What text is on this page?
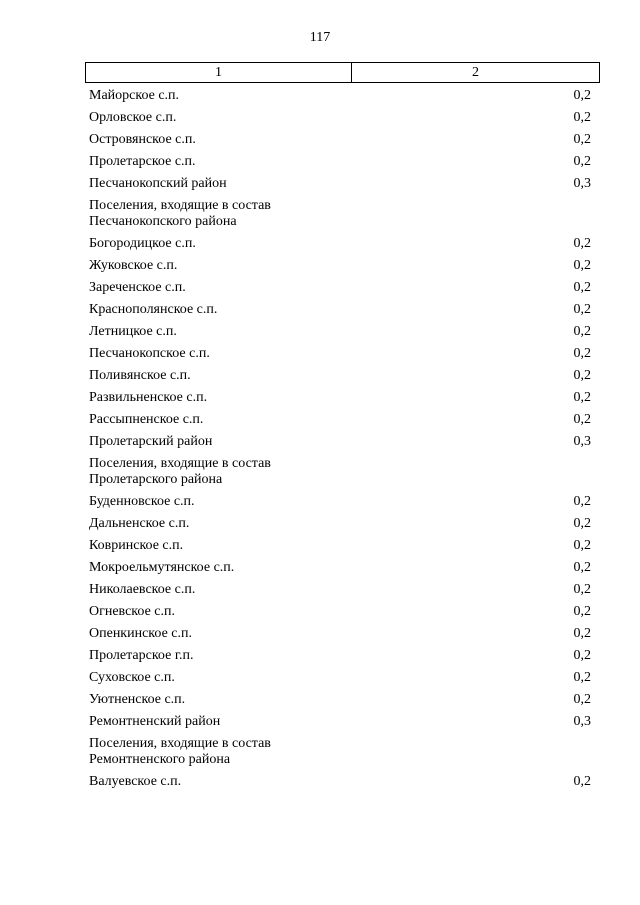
117
1	2
Майорское с.п.	0,2
Орловское с.п.	0,2
Островянское с.п.	0,2
Пролетарское с.п.	0,2
Песчанокопский район	0,3
Поселения, входящие в состав Песчанокопского района
Богородицкое с.п.	0,2
Жуковское с.п.	0,2
Зареченское с.п.	0,2
Краснополянское с.п.	0,2
Летницкое с.п.	0,2
Песчанокопское с.п.	0,2
Поливянское с.п.	0,2
Развильненское с.п.	0,2
Рассыпненское с.п.	0,2
Пролетарский район	0,3
Поселения, входящие в состав Пролетарского района
Буденновское с.п.	0,2
Дальненское с.п.	0,2
Ковринское с.п.	0,2
Мокроельмутянское с.п.	0,2
Николаевское с.п.	0,2
Огневское с.п.	0,2
Опенкинское с.п.	0,2
Пролетарское г.п.	0,2
Суховское с.п.	0,2
Уютненское с.п.	0,2
Ремонтненский район	0,3
Поселения, входящие в состав Ремонтненского района
Валуевское с.п.	0,2
